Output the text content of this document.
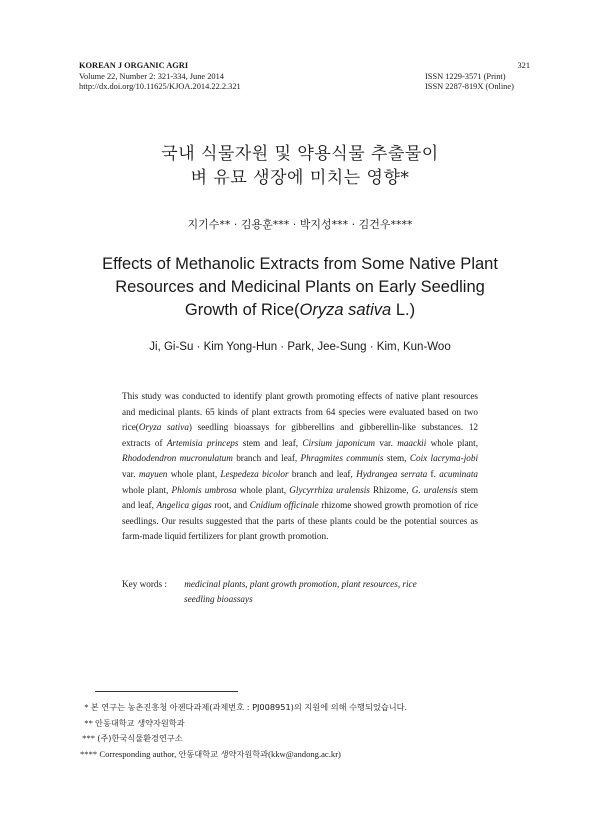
KOREAN J ORGANIC AGRI
Volume 22, Number 2: 321-334, June 2014
http://dx.doi.org/10.11625/KJOA.2014.22.2.321
321
ISSN 1229-3571 (Print)
ISSN 2287-819X (Online)
국내 식물자원 및 약용식물 추출물이
벼 유묘 생장에 미치는 영향*
지기수** · 김용훈*** · 박지성*** · 김건우****
Effects of Methanolic Extracts from Some Native Plant
Resources and Medicinal Plants on Early Seedling
Growth of Rice(Oryza sativa L.)
Ji, Gi-Su · Kim Yong-Hun · Park, Jee-Sung · Kim, Kun-Woo
This study was conducted to identify plant growth promoting effects of native plant resources and medicinal plants. 65 kinds of plant extracts from 64 species were evaluated based on two rice(Oryza sativa) seedling bioassays for gibberellins and gibberellin-like substances. 12 extracts of Artemisia princeps stem and leaf, Cirsium japonicum var. maackii whole plant, Rhododendron mucronulatum branch and leaf, Phragmites communis stem, Coix lacryma-jobi var. mayuen whole plant, Lespedeza bicolor branch and leaf, Hydrangea serrata f. acuminata whole plant, Phlomis umbrosa whole plant, Glycyrrhiza uralensis Rhizome, G. uralensis stem and leaf, Angelica gigas root, and Cnidium officinale rhizome showed growth promotion of rice seedlings. Our results suggested that the parts of these plants could be the potential sources as farm-made liquid fertilizers for plant growth promotion.
Key words : medicinal plants, plant growth promotion, plant resources, rice
seedling bioassays
* 본 연구는 농촌진흥청 아젠다과제(과제번호 : PJ008951)의 지원에 의해 수행되었습니다.
** 안동대학교 생약자원학과
*** (주)한국식물환경연구소
**** Corresponding author, 안동대학교 생약자원학과(kkw@andong.ac.kr)
